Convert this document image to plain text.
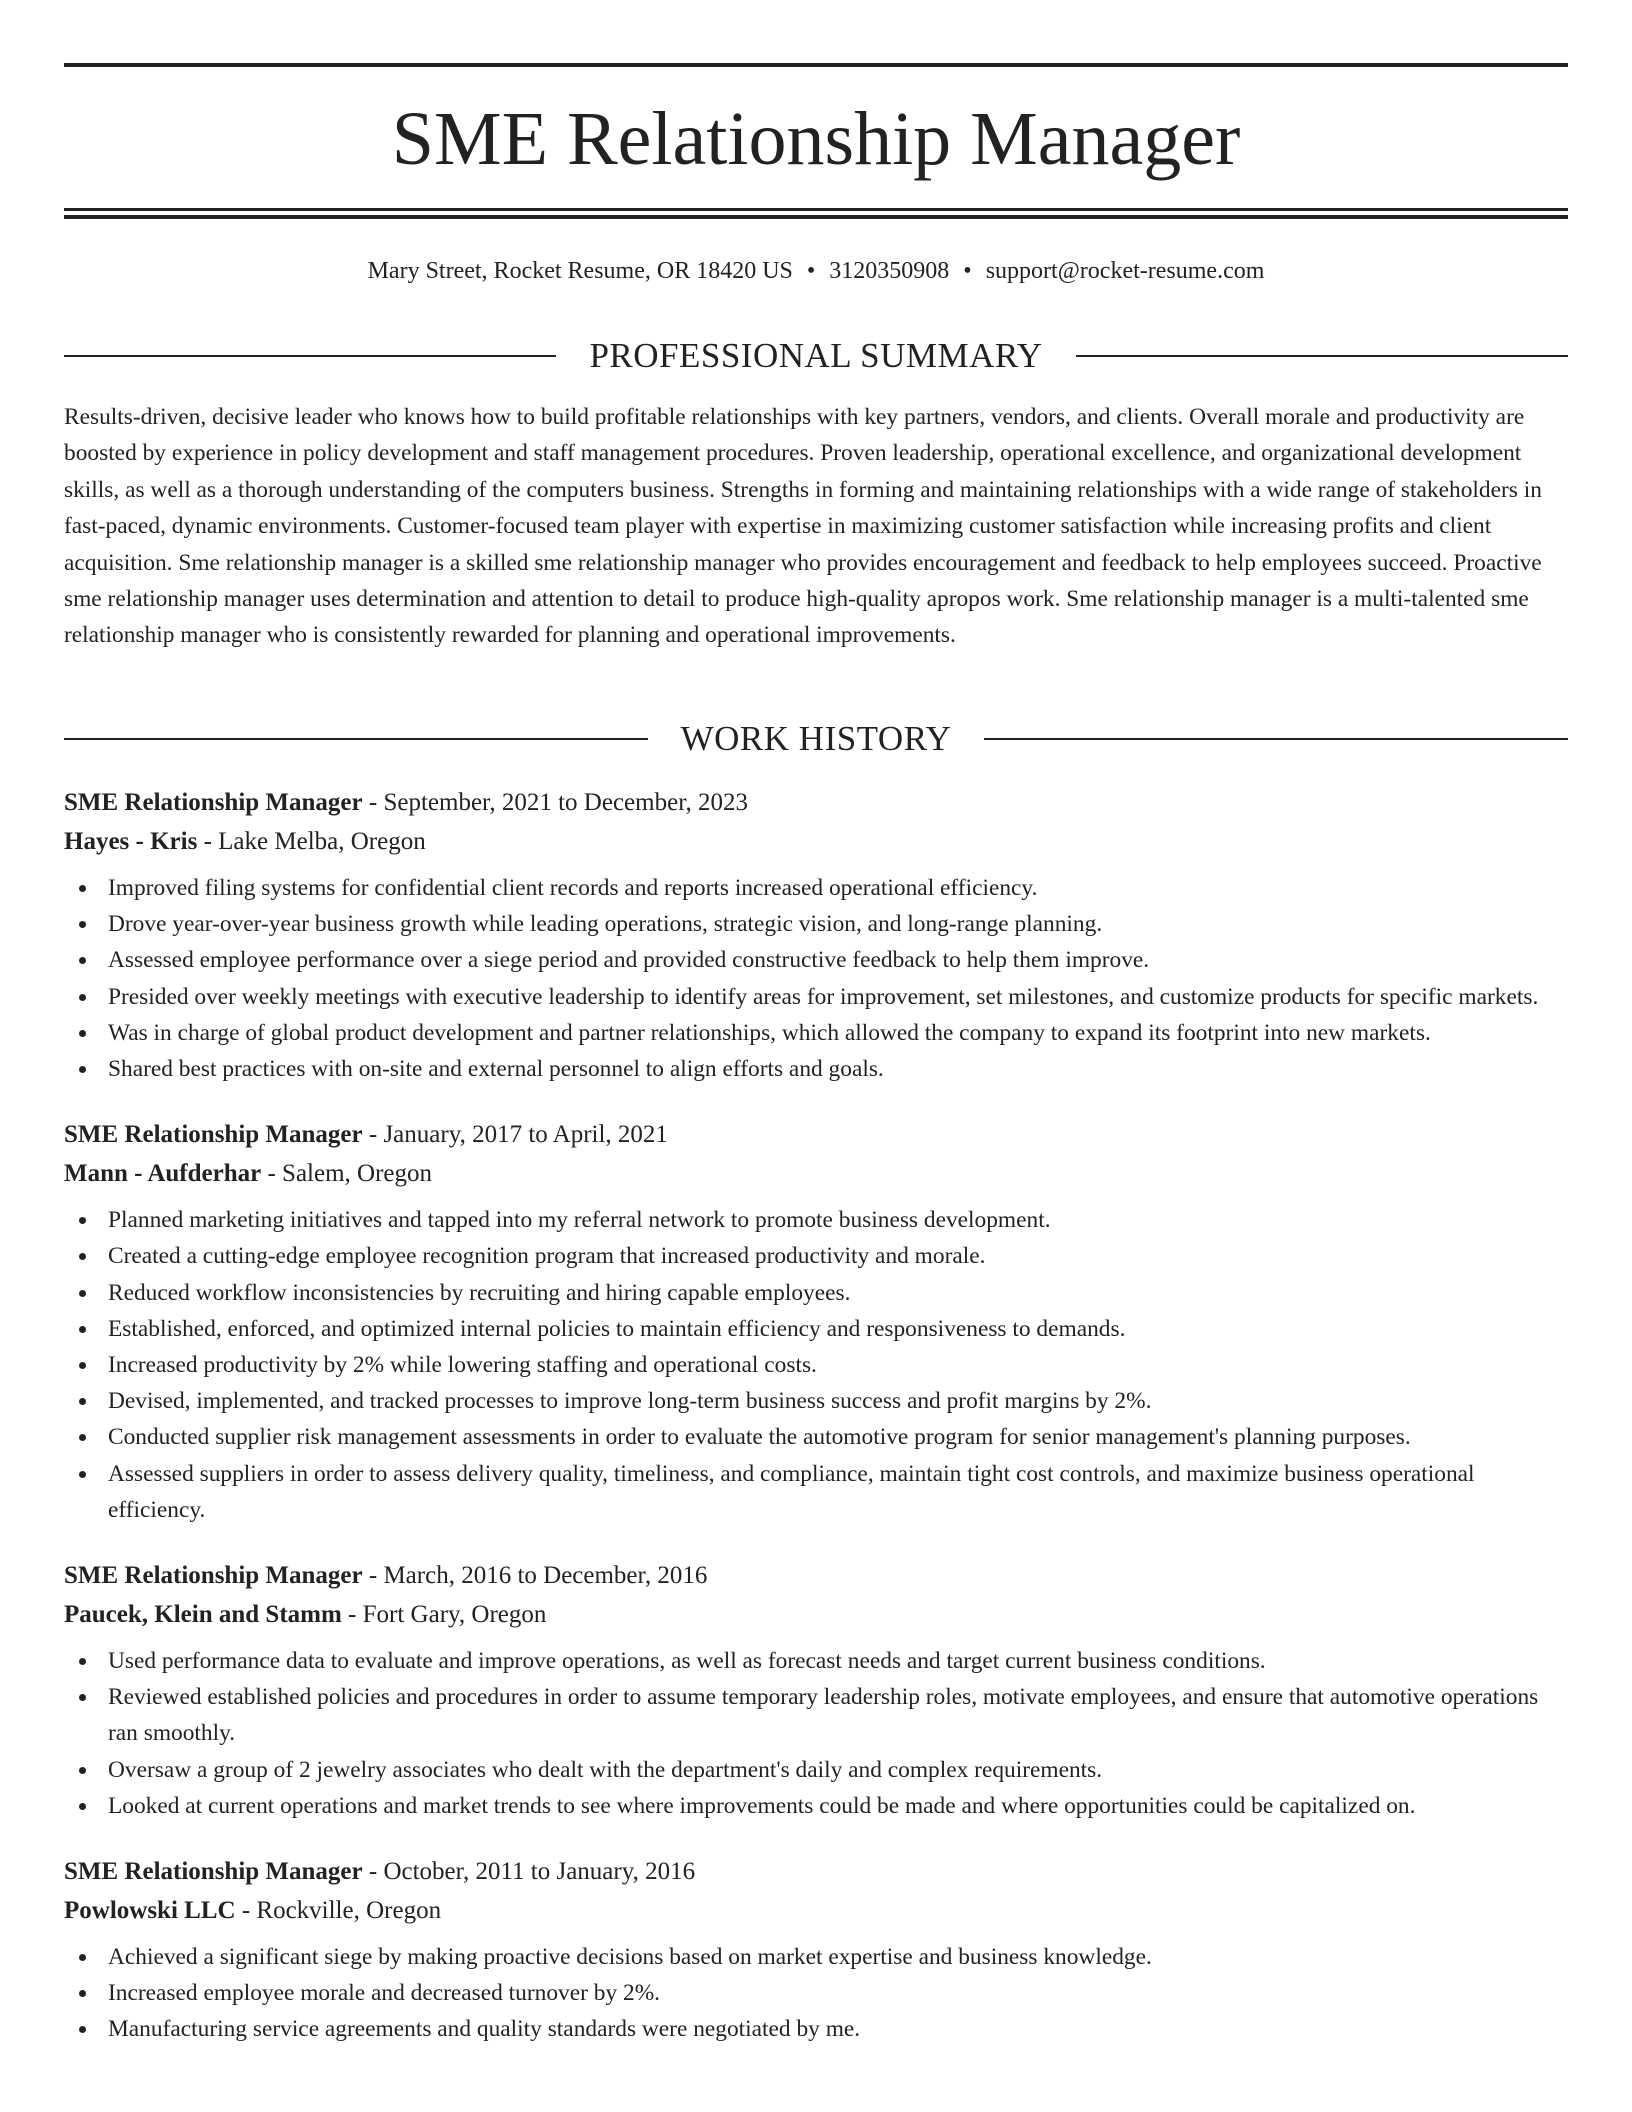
SME Relationship Manager
Mary Street, Rocket Resume, OR 18420 US • 3120350908 • support@rocket-resume.com
PROFESSIONAL SUMMARY

Results-driven, decisive leader who knows how to build profitable relationships with key partners, vendors, and clients. Overall morale and productivity are boosted by experience in policy development and staff management procedures. Proven leadership, operational excellence, and organizational development skills, as well as a thorough understanding of the computers business. Strengths in forming and maintaining relationships with a wide range of stakeholders in fast-paced, dynamic environments. Customer-focused team player with expertise in maximizing customer satisfaction while increasing profits and client acquisition. Sme relationship manager is a skilled sme relationship manager who provides encouragement and feedback to help employees succeed. Proactive sme relationship manager uses determination and attention to detail to produce high-quality apropos work. Sme relationship manager is a multi-talented sme relationship manager who is consistently rewarded for planning and operational improvements.

WORK HISTORY
SME Relationship Manager - September, 2021 to December, 2023
Hayes - Kris - Lake Melba, Oregon
Improved filing systems for confidential client records and reports increased operational efficiency.
Drove year-over-year business growth while leading operations, strategic vision, and long-range planning.
Assessed employee performance over a siege period and provided constructive feedback to help them improve.
Presided over weekly meetings with executive leadership to identify areas for improvement, set milestones, and customize products for specific markets.
Was in charge of global product development and partner relationships, which allowed the company to expand its footprint into new markets.
Shared best practices with on-site and external personnel to align efforts and goals.
SME Relationship Manager - January, 2017 to April, 2021
Mann - Aufderhar - Salem, Oregon
Planned marketing initiatives and tapped into my referral network to promote business development.
Created a cutting-edge employee recognition program that increased productivity and morale.
Reduced workflow inconsistencies by recruiting and hiring capable employees.
Established, enforced, and optimized internal policies to maintain efficiency and responsiveness to demands.
Increased productivity by 2% while lowering staffing and operational costs.
Devised, implemented, and tracked processes to improve long-term business success and profit margins by 2%.
Conducted supplier risk management assessments in order to evaluate the automotive program for senior management's planning purposes.
Assessed suppliers in order to assess delivery quality, timeliness, and compliance, maintain tight cost controls, and maximize business operational efficiency.
SME Relationship Manager - March, 2016 to December, 2016
Paucek, Klein and Stamm - Fort Gary, Oregon
Used performance data to evaluate and improve operations, as well as forecast needs and target current business conditions.
Reviewed established policies and procedures in order to assume temporary leadership roles, motivate employees, and ensure that automotive operations ran smoothly.
Oversaw a group of 2 jewelry associates who dealt with the department's daily and complex requirements.
Looked at current operations and market trends to see where improvements could be made and where opportunities could be capitalized on.
SME Relationship Manager - October, 2011 to January, 2016
Powlowski LLC - Rockville, Oregon
Achieved a significant siege by making proactive decisions based on market expertise and business knowledge.
Increased employee morale and decreased turnover by 2%.
Manufacturing service agreements and quality standards were negotiated by me.
